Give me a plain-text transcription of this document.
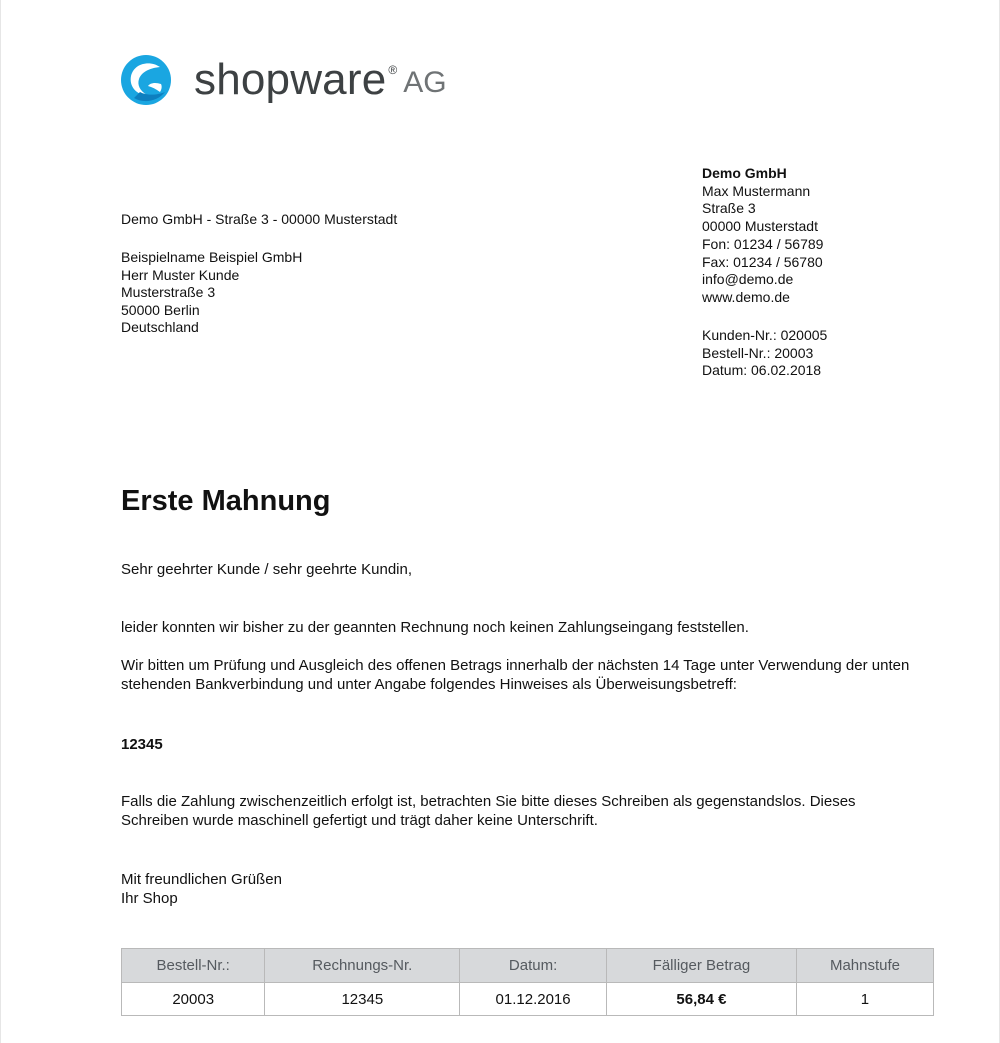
shopware ® AG
Demo GmbH - Straße 3 - 00000 Musterstadt
Beispielname Beispiel GmbH
Herr Muster Kunde
Musterstraße 3
50000 Berlin
Deutschland
Demo GmbH
Max Mustermann
Straße 3
00000 Musterstadt
Fon: 01234 / 56789
Fax: 01234 / 56780
info@demo.de
www.demo.de
Kunden-Nr.: 020005
Bestell-Nr.: 20003
Datum: 06.02.2018
Erste Mahnung
Sehr geehrter Kunde / sehr geehrte Kundin,
leider konnten wir bisher zu der geannten Rechnung noch keinen Zahlungseingang feststellen.
Wir bitten um Prüfung und Ausgleich des offenen Betrags innerhalb der nächsten 14 Tage unter Verwendung der unten
stehenden Bankverbindung und unter Angabe folgendes Hinweises als Überweisungsbetreff:
12345
Falls die Zahlung zwischenzeitlich erfolgt ist, betrachten Sie bitte dieses Schreiben als gegenstandslos. Dieses
Schreiben wurde maschinell gefertigt und trägt daher keine Unterschrift.
Mit freundlichen Grüßen
Ihr Shop
Bestell-Nr.:	Rechnungs-Nr.	Datum:	Fälliger Betrag	Mahnstufe
20003	12345	01.12.2016	56,84 €	1
